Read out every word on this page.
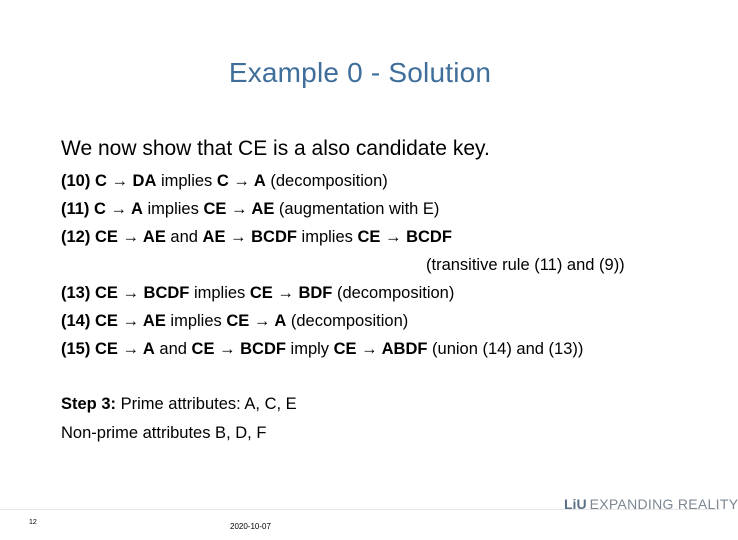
Example 0 - Solution
We now show that CE is a also candidate key.
(10) C → DA implies C → A (decomposition)
(11) C → A implies CE → AE (augmentation with E)
(12) CE → AE and AE → BCDF implies CE → BCDF
(transitive rule (11) and (9))
(13) CE → BCDF implies CE → BDF (decomposition)
(14) CE → AE implies CE → A (decomposition)
(15) CE → A and CE → BCDF imply CE → ABDF (union (14) and (13))
Step 3: Prime attributes: A, C, E
Non-prime attributes B, D, F
LiU EXPANDING REALITY
12	2020-10-07
